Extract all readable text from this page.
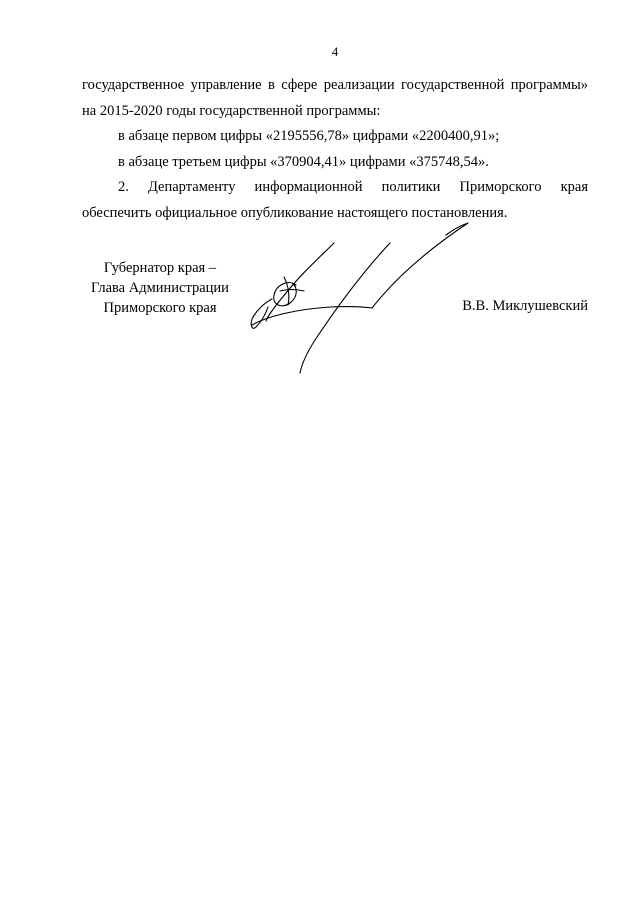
4

государственное управление в сфере реализации государственной программы»

на 2015-2020 годы государственной программы:

в абзаце первом цифры «2195556,78» цифрами «2200400,91»;

в абзаце третьем цифры «370904,41» цифрами «375748,54».

2. Департаменту информационной политики Приморского края

обеспечить официальное опубликование настоящего постановления.

Губернатор края –
Глава Администрации
Приморского края	В.В. Миклушевский
